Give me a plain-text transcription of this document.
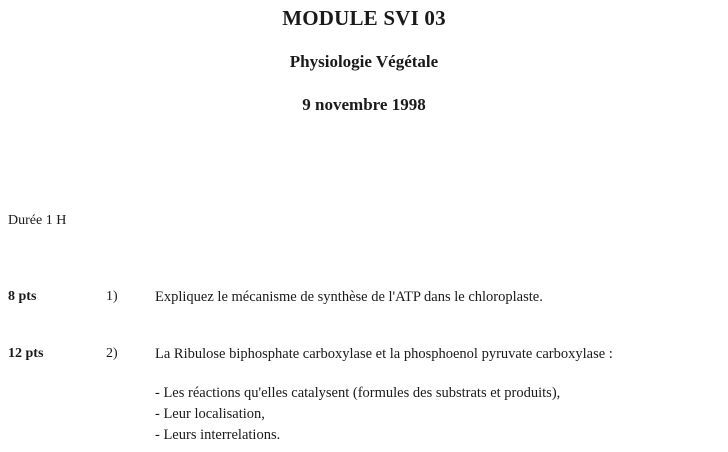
MODULE SVI 03
Physiologie Végétale
9 novembre 1998
Durée 1 H
8 pts	1)	Expliquez le mécanisme de synthèse de l'ATP dans le chloroplaste.
12 pts	2)	La Ribulose biphosphate carboxylase et la phosphoenol pyruvate carboxylase :
- Les réactions qu'elles catalysent (formules des substrats et produits),
- Leur localisation,
- Leurs interrelations.
